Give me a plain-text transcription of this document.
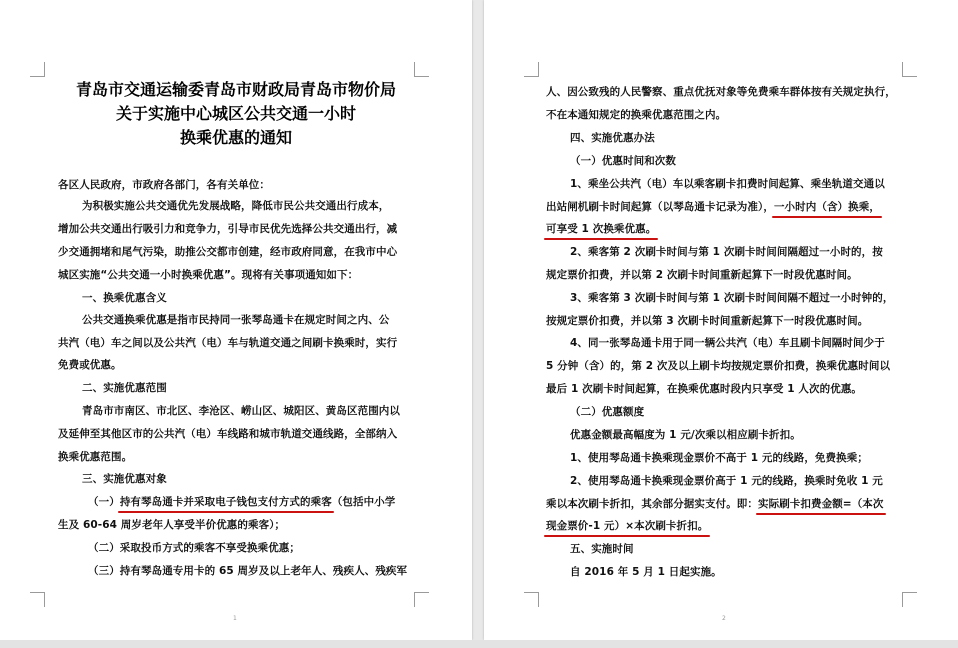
青岛市交通运输委青岛市财政局青岛市物价局
关于实施中心城区公共交通一小时
换乘优惠的通知
各区人民政府，市政府各部门，各有关单位：
为积极实施公共交通优先发展战略，降低市民公共交通出行成本，
增加公共交通出行吸引力和竞争力，引导市民优先选择公共交通出行，减
少交通拥堵和尾气污染，助推公交都市创建，经市政府同意，在我市中心
城区实施“公共交通一小时换乘优惠”。现将有关事项通知如下：
一、换乘优惠含义
公共交通换乘优惠是指市民持同一张琴岛通卡在规定时间之内、公
共汽（电）车之间以及公共汽（电）车与轨道交通之间刷卡换乘时，实行
免费或优惠。
二、实施优惠范围
青岛市市南区、市北区、李沧区、崂山区、城阳区、黄岛区范围内以
及延伸至其他区市的公共汽（电）车线路和城市轨道交通线路，全部纳入
换乘优惠范围。
三、实施优惠对象
（一）持有琴岛通卡并采取电子钱包支付方式的乘客（包括中小学
生及 60-64 周岁老年人享受半价优惠的乘客）；
（二）采取投币方式的乘客不享受换乘优惠；
（三）持有琴岛通专用卡的 65 周岁及以上老年人、残疾人、残疾军
1
人、因公致残的人民警察、重点优抚对象等免费乘车群体按有关规定执行，
不在本通知规定的换乘优惠范围之内。
四、实施优惠办法
（一）优惠时间和次数
1、乘坐公共汽（电）车以乘客刷卡扣费时间起算、乘坐轨道交通以
出站闸机刷卡时间起算（以琴岛通卡记录为准），一小时内（含）换乘，
可享受 1 次换乘优惠。
2、乘客第 2 次刷卡时间与第 1 次刷卡时间间隔超过一小时的，按
规定票价扣费，并以第 2 次刷卡时间重新起算下一时段优惠时间。
3、乘客第 3 次刷卡时间与第 1 次刷卡时间间隔不超过一小时钟的，
按规定票价扣费，并以第 3 次刷卡时间重新起算下一时段优惠时间。
4、同一张琴岛通卡用于同一辆公共汽（电）车且刷卡间隔时间少于
5 分钟（含）的，第 2 次及以上刷卡均按规定票价扣费，换乘优惠时间以
最后 1 次刷卡时间起算，在换乘优惠时段内只享受 1 人次的优惠。
（二）优惠额度
优惠金额最高幅度为 1 元/次乘以相应刷卡折扣。
1、使用琴岛通卡换乘现金票价不高于 1 元的线路，免费换乘；
2、使用琴岛通卡换乘现金票价高于 1 元的线路，换乘时免收 1 元
乘以本次刷卡折扣，其余部分据实支付。即：实际刷卡扣费金额=（本次
现金票价-1 元）×本次刷卡折扣。
五、实施时间
自 2016 年 5 月 1 日起实施。
2
